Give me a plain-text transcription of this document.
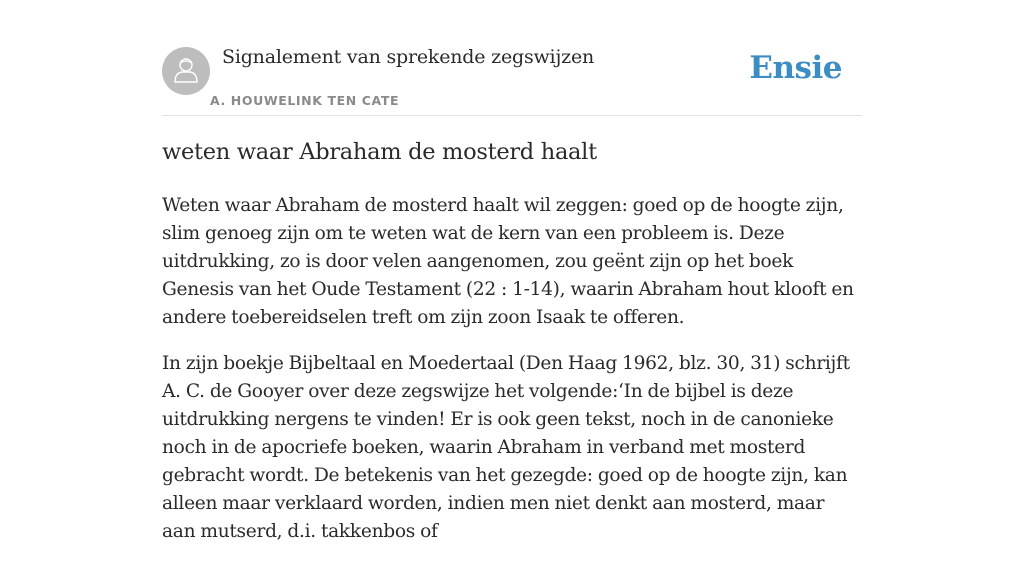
Signalement van sprekende zegswijzen
A. HOUWELINK TEN CATE
Ensie
weten waar Abraham de mosterd haalt

Weten waar Abraham de mosterd haalt wil zeggen: goed op de hoogte zijn, slim genoeg zijn om te weten wat de kern van een probleem is. Deze uitdrukking, zo is door velen aangenomen, zou geënt zijn op het boek Genesis van het Oude Testament (22 : 1-14), waarin Abraham hout klooft en andere toebereidselen treft om zijn zoon Isaak te offeren.

In zijn boekje Bijbeltaal en Moedertaal (Den Haag 1962, blz. 30, 31) schrijft A. C. de Gooyer over deze zegswijze het volgende:‘In de bijbel is deze uitdrukking nergens te vinden! Er is ook geen tekst, noch in de canonieke noch in de apocriefe boeken, waarin Abraham in verband met mosterd gebracht wordt. De betekenis van het gezegde: goed op de hoogte zijn, kan alleen maar verklaard worden, indien men niet denkt aan mosterd, maar aan mutserd, d.i. takkenbos of
